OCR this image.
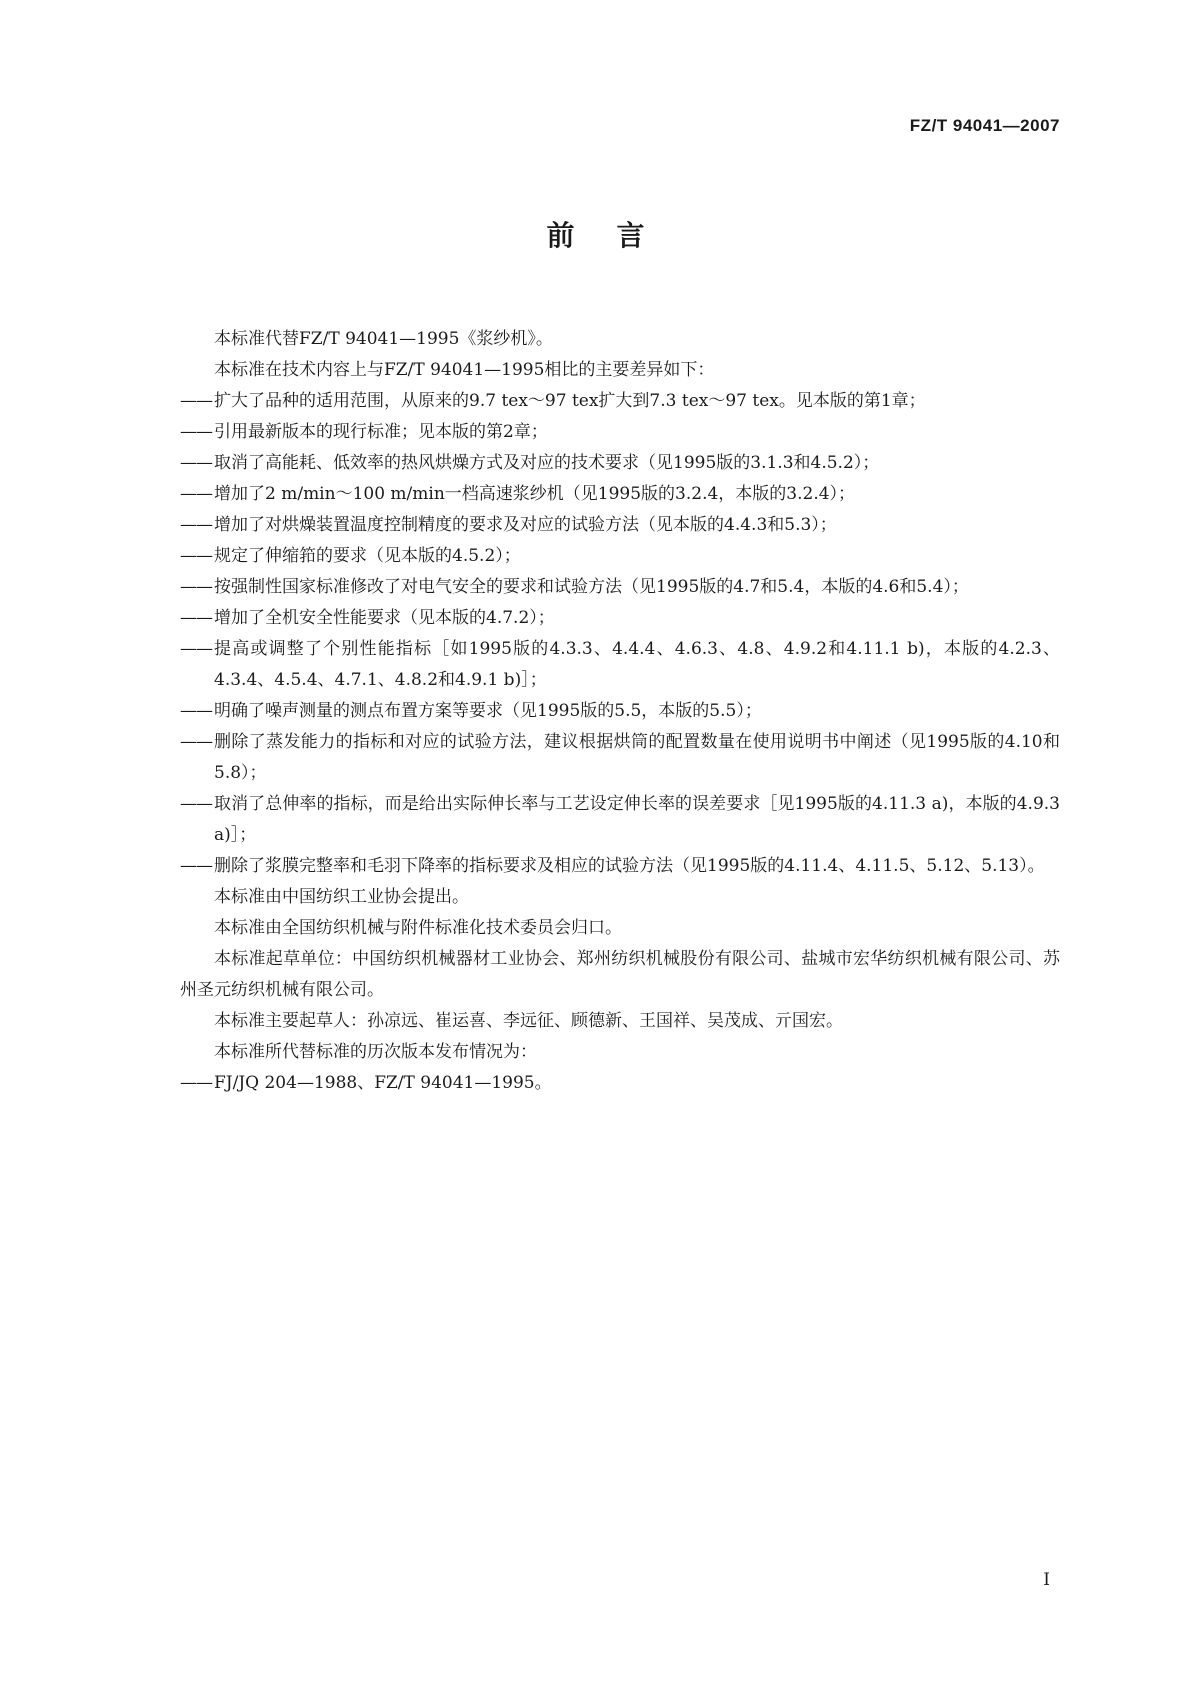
FZ/T 94041—2007
前言
本标准代替FZ/T 94041—1995《浆纱机》。
本标准在技术内容上与FZ/T 94041—1995相比的主要差异如下：
—— 扩大了品种的适用范围，从原来的9.7 tex～97 tex扩大到7.3 tex～97 tex。见本版的第1章；
—— 引用最新版本的现行标准；见本版的第2章；
—— 取消了高能耗、低效率的热风烘燥方式及对应的技术要求（见1995版的3.1.3和4.5.2）；
—— 增加了2 m/min～100 m/min一档高速浆纱机（见1995版的3.2.4，本版的3.2.4）；
—— 增加了对烘燥装置温度控制精度的要求及对应的试验方法（见本版的4.4.3和5.3）；
—— 规定了伸缩筘的要求（见本版的4.5.2）；
—— 按强制性国家标准修改了对电气安全的要求和试验方法（见1995版的4.7和5.4，本版的4.6和5.4）；
—— 增加了全机安全性能要求（见本版的4.7.2）；
—— 提高或调整了个别性能指标［如1995版的4.3.3、4.4.4、4.6.3、4.8、4.9.2和4.11.1 b)，本版的4.2.3、4.3.4、4.5.4、4.7.1、4.8.2和4.9.1 b)］；
—— 明确了噪声测量的测点布置方案等要求（见1995版的5.5，本版的5.5）；
—— 删除了蒸发能力的指标和对应的试验方法，建议根据烘筒的配置数量在使用说明书中阐述（见1995版的4.10和5.8）；
—— 取消了总伸率的指标，而是给出实际伸长率与工艺设定伸长率的误差要求［见1995版的4.11.3 a)，本版的4.9.3 a)］；
—— 删除了浆膜完整率和毛羽下降率的指标要求及相应的试验方法（见1995版的4.11.4、4.11.5、5.12、5.13）。
本标准由中国纺织工业协会提出。
本标准由全国纺织机械与附件标准化技术委员会归口。
本标准起草单位：中国纺织机械器材工业协会、郑州纺织机械股份有限公司、盐城市宏华纺织机械有限公司、苏州圣元纺织机械有限公司。
本标准主要起草人：孙凉远、崔运喜、李远征、顾德新、王国祥、吴茂成、亓国宏。
本标准所代替标准的历次版本发布情况为：
—— FJ/JQ 204—1988、FZ/T 94041—1995。
I
